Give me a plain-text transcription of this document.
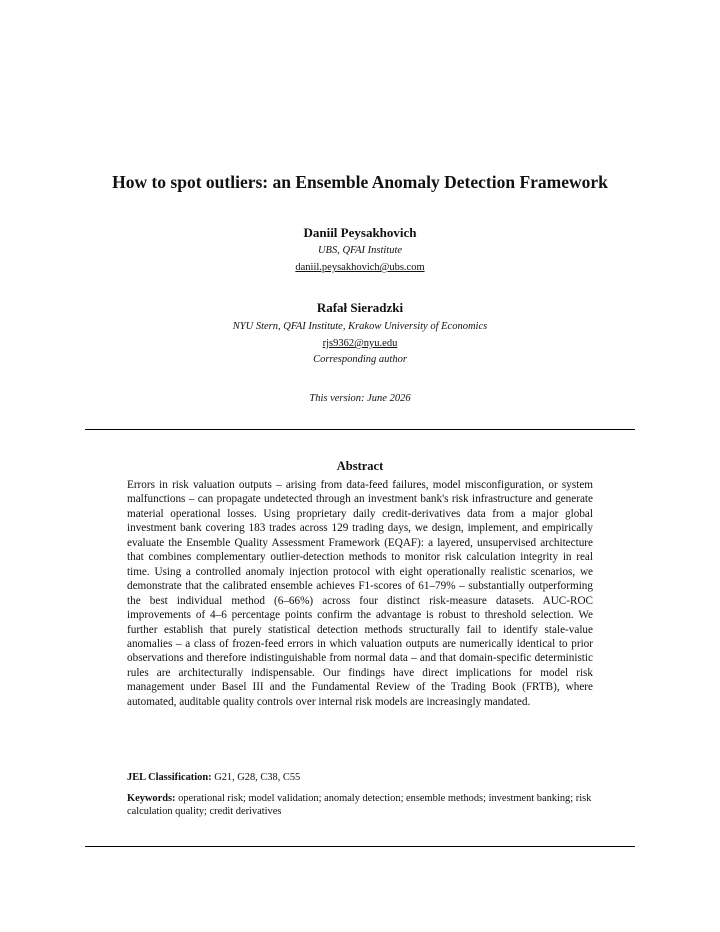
How to spot outliers: an Ensemble Anomaly Detection Framework
Daniil Peysakhovich
UBS, QFAI Institute
daniil.peysakhovich@ubs.com
Rafał Sieradzki
NYU Stern, QFAI Institute, Krakow University of Economics
rjs9362@nyu.edu
Corresponding author
This version: June 2026
Abstract
Errors in risk valuation outputs – arising from data-feed failures, model misconfiguration, or system malfunctions – can propagate undetected through an investment bank's risk infrastructure and generate material operational losses. Using proprietary daily credit-derivatives data from a major global investment bank covering 183 trades across 129 trading days, we design, implement, and empirically evaluate the Ensemble Quality Assessment Framework (EQAF): a layered, unsupervised architecture that combines complementary outlier-detection methods to monitor risk calculation integrity in real time. Using a controlled anomaly injection protocol with eight operationally realistic scenarios, we demonstrate that the calibrated ensemble achieves F1-scores of 61–79% – substantially outperforming the best individual method (6–66%) across four distinct risk-measure datasets. AUC-ROC improvements of 4–6 percentage points confirm the advantage is robust to threshold selection. We further establish that purely statistical detection methods structurally fail to identify stale-value anomalies – a class of frozen-feed errors in which valuation outputs are numerically identical to prior observations and therefore indistinguishable from normal data – and that domain-specific deterministic rules are architecturally indispensable. Our findings have direct implications for model risk management under Basel III and the Fundamental Review of the Trading Book (FRTB), where automated, auditable quality controls over internal risk models are increasingly mandated.
JEL Classification: G21, G28, C38, C55
Keywords: operational risk; model validation; anomaly detection; ensemble methods; investment banking; risk calculation quality; credit derivatives
